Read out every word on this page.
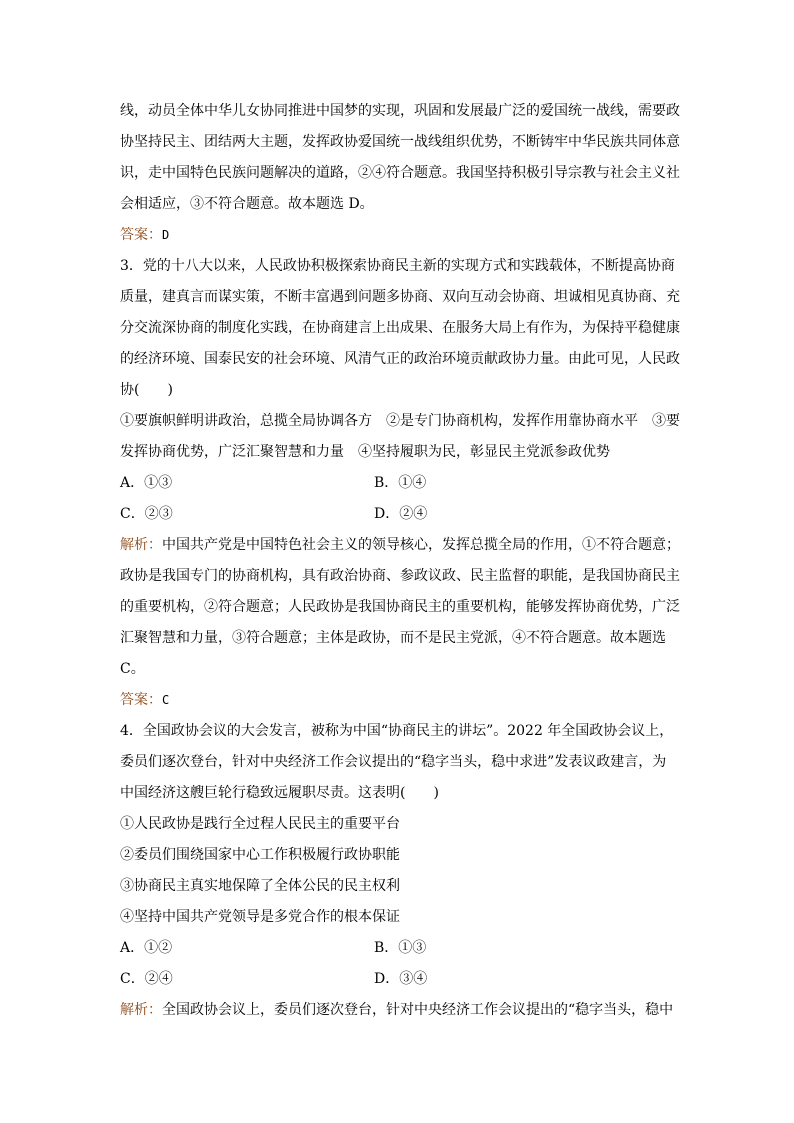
线，动员全体中华儿女协同推进中国梦的实现，巩固和发展最广泛的爱国统一战线，需要政
协坚持民主、团结两大主题，发挥政协爱国统一战线组织优势，不断铸牢中华民族共同体意
识，走中国特色民族问题解决的道路，②④符合题意。我国坚持积极引导宗教与社会主义社
会相适应，③不符合题意。故本题选 D。
答案：D
3．党的十八大以来，人民政协积极探索协商民主新的实现方式和实践载体，不断提高协商
质量，建真言而谋实策，不断丰富遇到问题多协商、双向互动会协商、坦诚相见真协商、充
分交流深协商的制度化实践，在协商建言上出成果、在服务大局上有作为，为保持平稳健康
的经济环境、国泰民安的社会环境、风清气正的政治环境贡献政协力量。由此可见，人民政
协(　　)
①要旗帜鲜明讲政治，总揽全局协调各方　②是专门协商机构，发挥作用靠协商水平　③要
发挥协商优势，广泛汇聚智慧和力量　④坚持履职为民，彰显民主党派参政优势
A．①③	B．①④
C．②③	D．②④
解析：中国共产党是中国特色社会主义的领导核心，发挥总揽全局的作用，①不符合题意；
政协是我国专门的协商机构，具有政治协商、参政议政、民主监督的职能，是我国协商民主
的重要机构，②符合题意；人民政协是我国协商民主的重要机构，能够发挥协商优势，广泛
汇聚智慧和力量，③符合题意；主体是政协，而不是民主党派，④不符合题意。故本题选
C。
答案：C
4．全国政协会议的大会发言，被称为中国“协商民主的讲坛”。2022 年全国政协会议上，
委员们逐次登台，针对中央经济工作会议提出的“稳字当头，稳中求进”发表议政建言，为
中国经济这艘巨轮行稳致远履职尽责。这表明(　　)
①人民政协是践行全过程人民民主的重要平台
②委员们围绕国家中心工作积极履行政协职能
③协商民主真实地保障了全体公民的民主权利
④坚持中国共产党领导是多党合作的根本保证
A．①②	B．①③
C．②④	D．③④
解析：全国政协会议上，委员们逐次登台，针对中央经济工作会议提出的“稳字当头，稳中
